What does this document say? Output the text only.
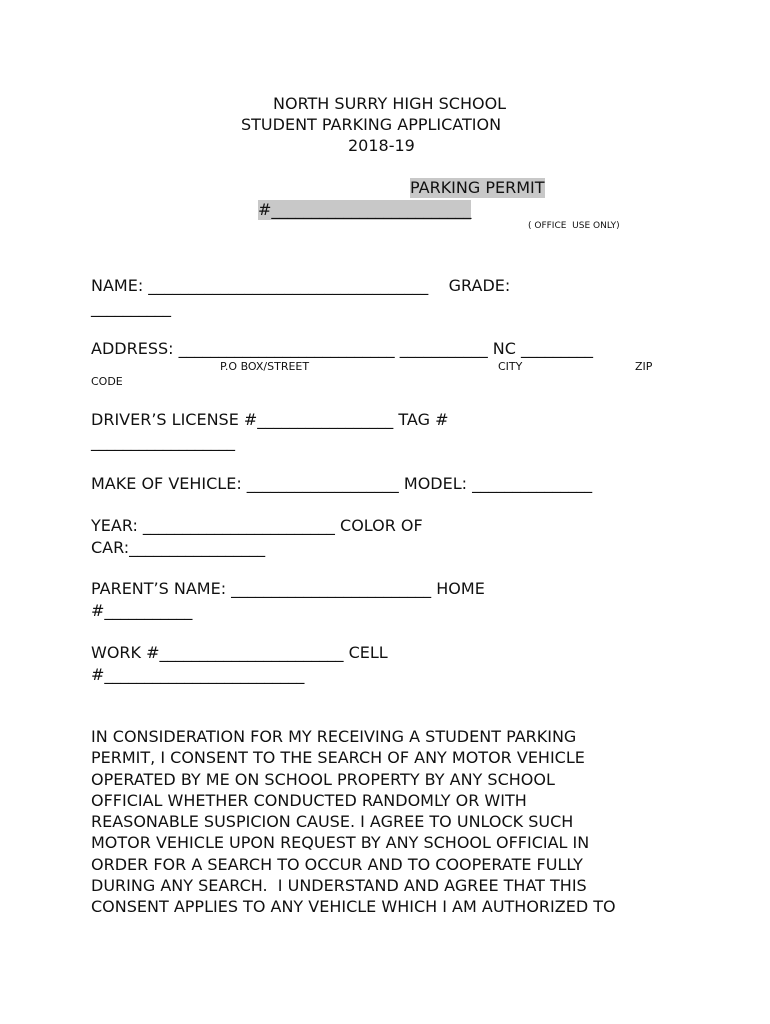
NORTH SURRY HIGH SCHOOL
STUDENT PARKING APPLICATION
2018-19
PARKING PERMIT
#_________________________
( OFFICE  USE ONLY)
NAME: ___________________________________    GRADE:
__________
ADDRESS: ___________________________ ___________ NC _________
P.O BOX/STREET	CITY	ZIP
CODE
DRIVER’S LICENSE #_________________ TAG #
__________________
MAKE OF VEHICLE: ___________________ MODEL: _______________
YEAR: ________________________ COLOR OF
CAR:_________________
PARENT’S NAME: _________________________ HOME
#___________
WORK #_______________________ CELL
#_________________________
IN CONSIDERATION FOR MY RECEIVING A STUDENT PARKING
PERMIT, I CONSENT TO THE SEARCH OF ANY MOTOR VEHICLE
OPERATED BY ME ON SCHOOL PROPERTY BY ANY SCHOOL
OFFICIAL WHETHER CONDUCTED RANDOMLY OR WITH
REASONABLE SUSPICION CAUSE. I AGREE TO UNLOCK SUCH
MOTOR VEHICLE UPON REQUEST BY ANY SCHOOL OFFICIAL IN
ORDER FOR A SEARCH TO OCCUR AND TO COOPERATE FULLY
DURING ANY SEARCH.  I UNDERSTAND AND AGREE THAT THIS
CONSENT APPLIES TO ANY VEHICLE WHICH I AM AUTHORIZED TO
